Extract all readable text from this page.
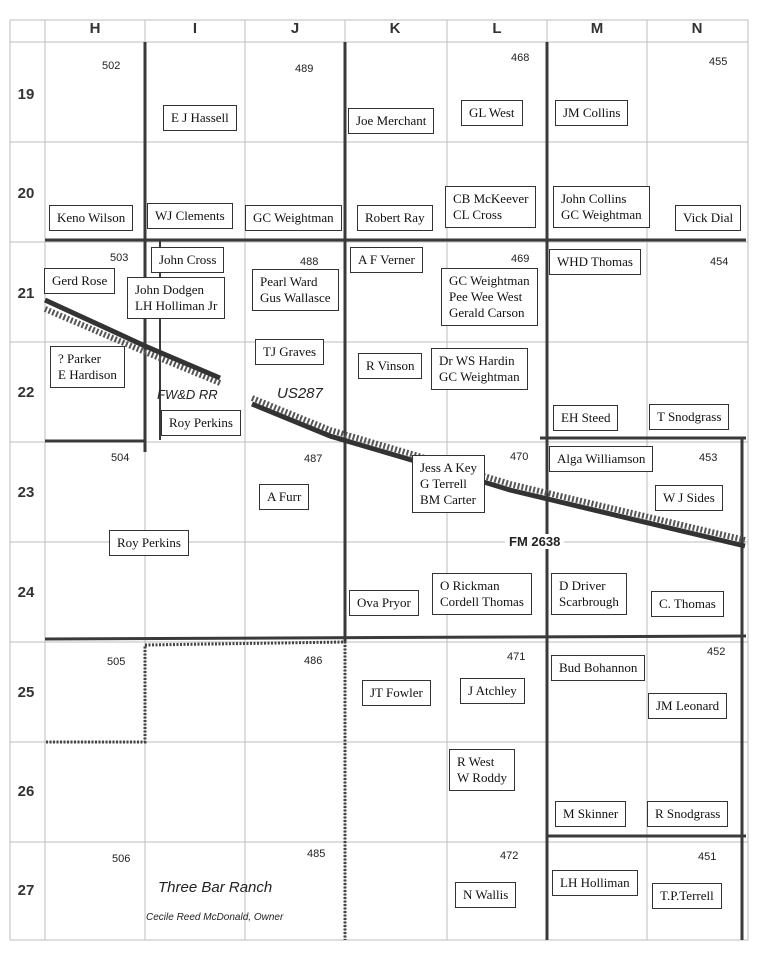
H	I	J	K	L	M	N
19
20
21
22
23
24
25
26
27
502	489
468	455
503	488	469	454
504	487	470	453
505	486	471	452
506	485	472	451
FW&D RR	US287
FM 2638
E J Hassell	Joe Merchant
GL West	JM Collins
Keno Wilson	WJ Clements	GC Weightman	Robert Ray
CB McKeever
CL Cross
John Collins
GC Weightman	Vick Dial
Gerd Rose
John Cross
John Dodgen
LH Holliman Jr
Pearl Ward
Gus Wallasce
A F Verner
GC Weightman
Pee Wee West
Gerald Carson
WHD Thomas
? Parker
E Hardison
TJ Graves
R Vinson	Dr WS Hardin
GC Weightman
Roy Perkins	EH Steed	T Snodgrass
A Furr
Jess A Key
G Terrell
BM Carter
Alga Williamson
W J Sides
Roy Perkins
Ova Pryor
O Rickman
Cordell Thomas
D Driver
Scarbrough	C. Thomas
Bud Bohannon
JT Fowler	J Atchley
JM Leonard
R West
W Roddy
M Skinner	R Snodgrass
N Wallis
LH Holliman
T.P.Terrell
Three Bar Ranch
Cecile Reed McDonald, Owner
